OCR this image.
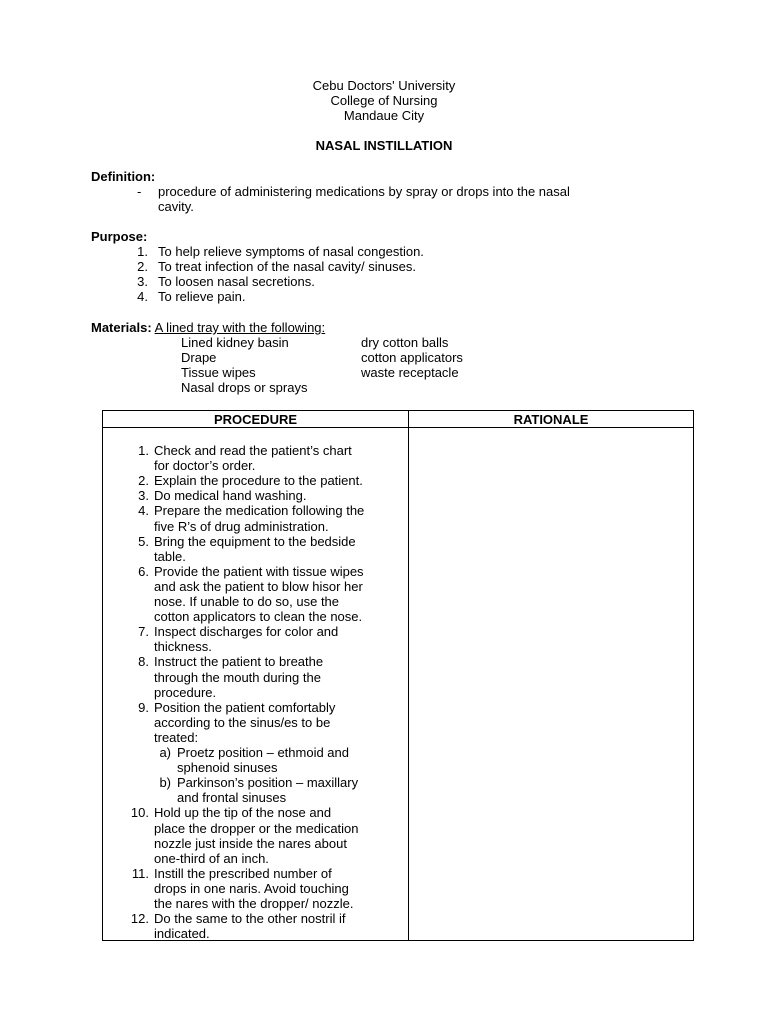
Cebu Doctors' University
College of Nursing
Mandaue City
NASAL INSTILLATION
Definition:
- procedure of administering medications by spray or drops into the nasal
cavity.
Purpose:
1. To help relieve symptoms of nasal congestion.
2. To treat infection of the nasal cavity/ sinuses.
3. To loosen nasal secretions.
4. To relieve pain.
Materials: A lined tray with the following:
Lined kidney basin
Drape
Tissue wipes
Nasal drops or sprays
dry cotton balls
cotton applicators
waste receptacle
PROCEDURE	RATIONALE
1. Check and read the patient’s chart
for doctor’s order.
2. Explain the procedure to the patient.
3. Do medical hand washing.
4. Prepare the medication following the
five R’s of drug administration.
5. Bring the equipment to the bedside
table.
6. Provide the patient with tissue wipes
and ask the patient to blow hisor her
nose. If unable to do so, use the
cotton applicators to clean the nose.
7. Inspect discharges for color and
thickness.
8. Instruct the patient to breathe
through the mouth during the
procedure.
9. Position the patient comfortably
according to the sinus/es to be
treated:
a) Proetz position – ethmoid and
sphenoid sinuses
b) Parkinson’s position – maxillary
and frontal sinuses
10. Hold up the tip of the nose and
place the dropper or the medication
nozzle just inside the nares about
one-third of an inch.
11. Instill the prescribed number of
drops in one naris. Avoid touching
the nares with the dropper/ nozzle.
12. Do the same to the other nostril if
indicated.
